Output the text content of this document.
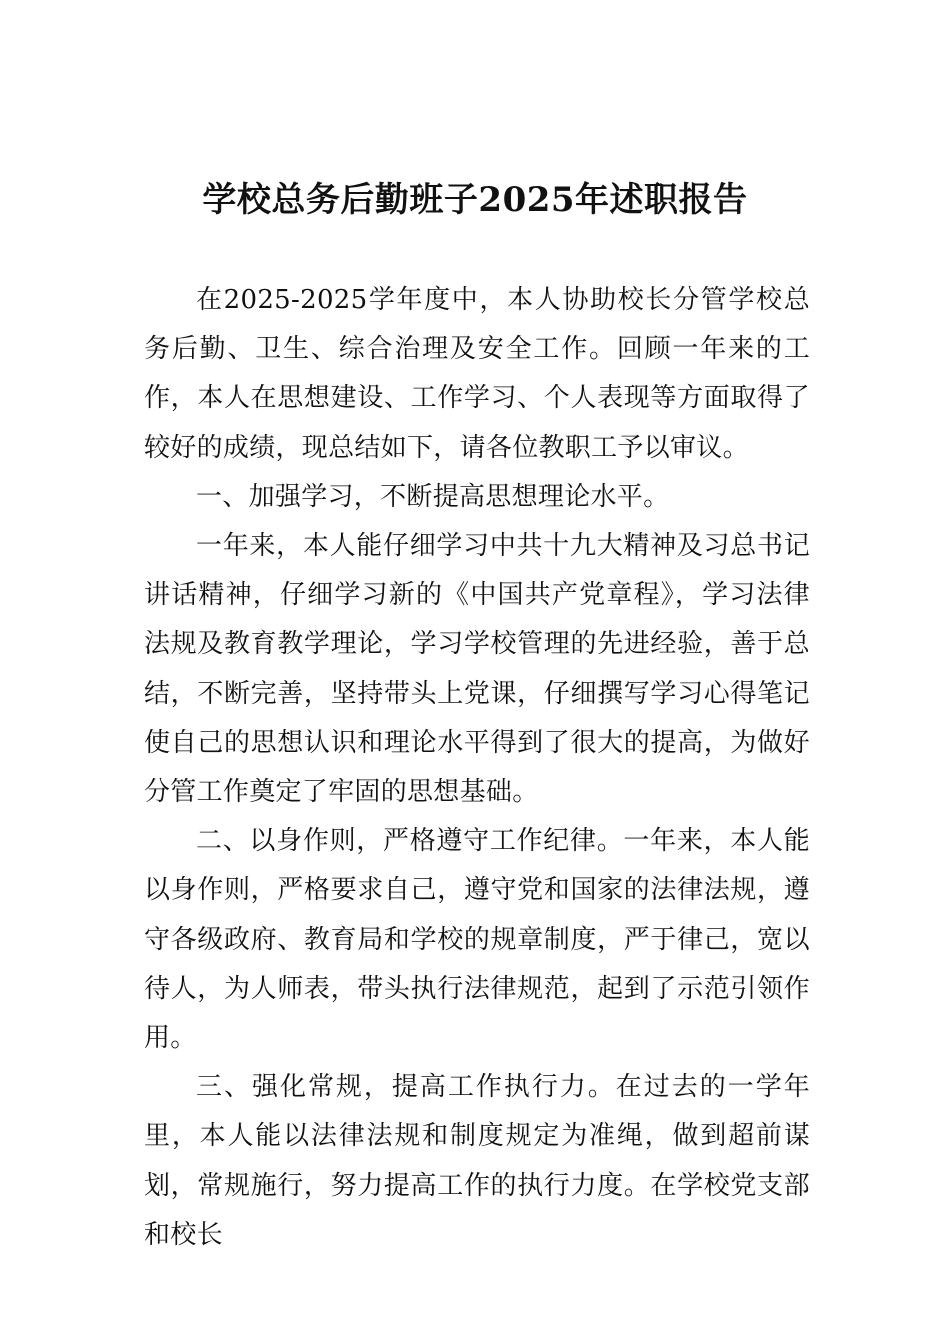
学校总务后勤班子2025年述职报告

在2025-2025学年度中，本人协助校长分管学校总务后勤、卫生、综合治理及安全工作。回顾一年来的工作，本人在思想建设、工作学习、个人表现等方面取得了较好的成绩，现总结如下，请各位教职工予以审议。

一、加强学习，不断提高思想理论水平。

一年来，本人能仔细学习中共十九大精神及习总书记讲话精神，仔细学习新的《中国共产党章程》，学习法律法规及教育教学理论，学习学校管理的先进经验，善于总结，不断完善，坚持带头上党课，仔细撰写学习心得笔记使自己的思想认识和理论水平得到了很大的提高，为做好分管工作奠定了牢固的思想基础。

二、以身作则，严格遵守工作纪律。一年来，本人能以身作则，严格要求自己，遵守党和国家的法律法规，遵守各级政府、教育局和学校的规章制度，严于律己，宽以待人，为人师表，带头执行法律规范，起到了示范引领作用。

三、强化常规，提高工作执行力。在过去的一学年里，本人能以法律法规和制度规定为准绳，做到超前谋划，常规施行，努力提高工作的执行力度。在学校党支部和校长
